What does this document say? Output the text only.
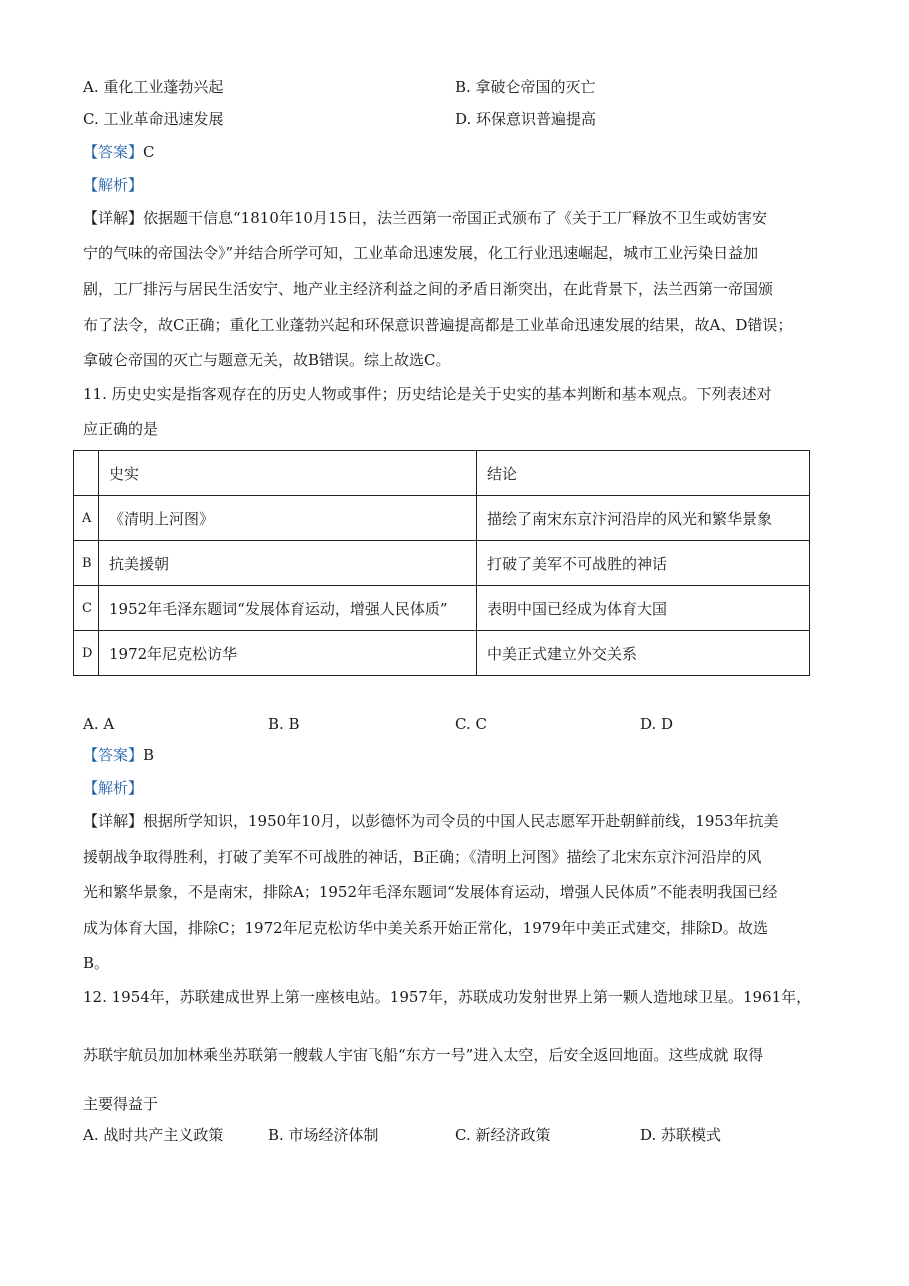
A. 重化工业蓬勃兴起	B. 拿破仑帝国的灭亡
C. 工业革命迅速发展	D. 环保意识普遍提高
【答案】C
【解析】
【详解】依据题干信息“1810年10月15日，法兰西第一帝国正式颁布了《关于工厂释放不卫生或妨害安
宁的气味的帝国法令》”并结合所学可知，工业革命迅速发展，化工行业迅速崛起，城市工业污染日益加
剧，工厂排污与居民生活安宁、地产业主经济利益之间的矛盾日渐突出，在此背景下，法兰西第一帝国颁
布了法令，故C正确；重化工业蓬勃兴起和环保意识普遍提高都是工业革命迅速发展的结果，故A、D错误；
拿破仑帝国的灭亡与题意无关，故B错误。综上故选C。
11. 历史史实是指客观存在的历史人物或事件；历史结论是关于史实的基本判断和基本观点。下列表述对
应正确的是
	史实	结论
A	《清明上河图》	描绘了南宋东京汴河沿岸的风光和繁华景象
B	抗美援朝	打破了美军不可战胜的神话
C	1952年毛泽东题词“发展体育运动，增强人民体质”	表明中国已经成为体育大国
D	1972年尼克松访华	中美正式建立外交关系
A. A	B. B	C. C	D. D
【答案】B
【解析】
【详解】根据所学知识，1950年10月，以彭德怀为司令员的中国人民志愿军开赴朝鲜前线，1953年抗美
援朝战争取得胜利，打破了美军不可战胜的神话，B正确；《清明上河图》描绘了北宋东京汴河沿岸的风
光和繁华景象，不是南宋，排除A；1952年毛泽东题词“发展体育运动，增强人民体质”不能表明我国已经
成为体育大国，排除C；1972年尼克松访华中美关系开始正常化，1979年中美正式建交，排除D。故选
B。
12. 1954年，苏联建成世界上第一座核电站。1957年，苏联成功发射世界上第一颗人造地球卫星。1961年，
苏联宇航员加加林乘坐苏联第一艘载人宇宙飞船“东方一号”进入太空，后安全返回地面。这些成就 取得
主要得益于
A. 战时共产主义政策	B. 市场经济体制	C. 新经济政策	D. 苏联模式
